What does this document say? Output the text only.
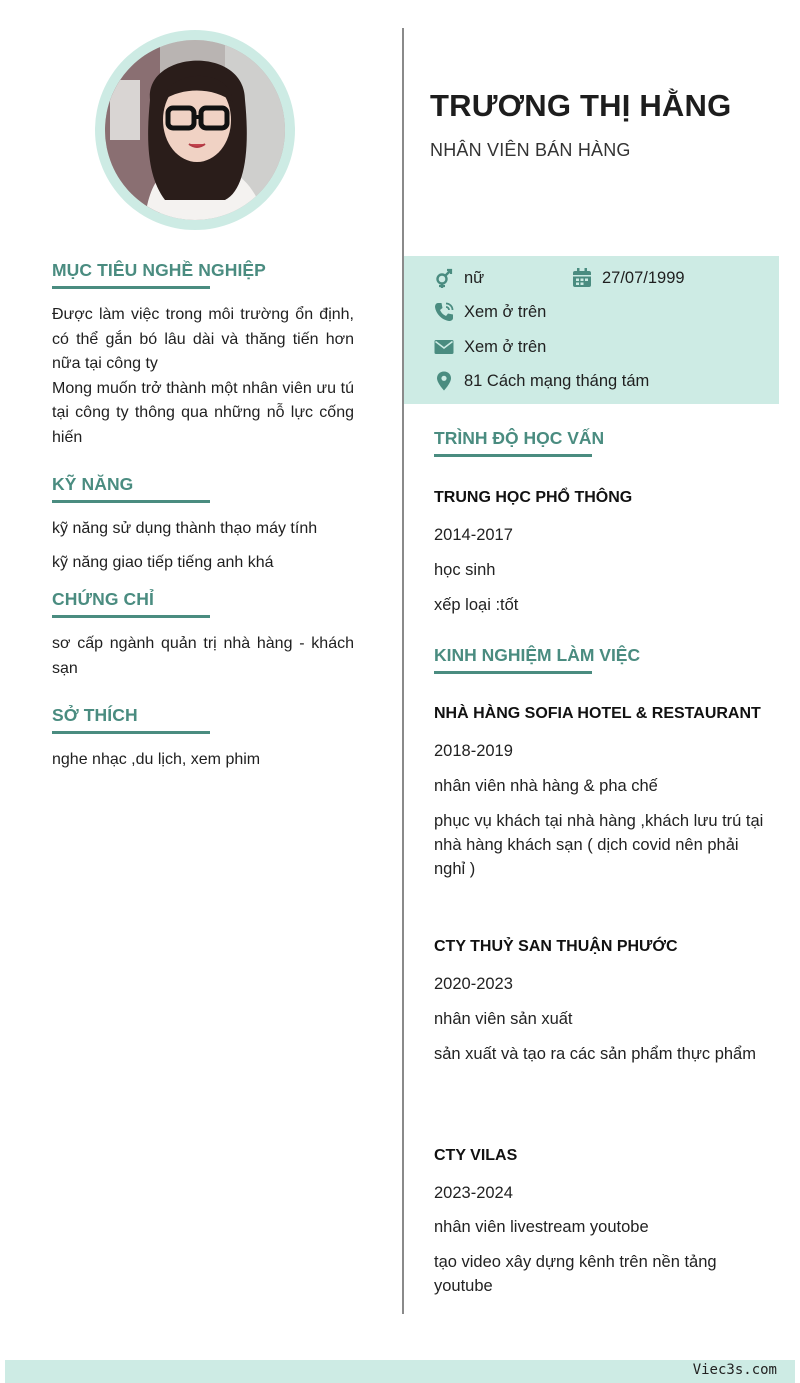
TRƯƠNG THỊ HẰNG
NHÂN VIÊN BÁN HÀNG
MỤC TIÊU NGHỀ NGHIỆP
Được làm việc trong môi trường ổn định, có thể gắn bó lâu dài và thăng tiến hơn nữa tại công ty
Mong muốn trở thành một nhân viên ưu tú tại công ty thông qua những nỗ lực cống hiến
KỸ NĂNG
kỹ năng sử dụng thành thạo máy tính
kỹ năng giao tiếp tiếng anh khá
CHỨNG CHỈ
sơ cấp ngành quản trị nhà hàng - khách sạn
SỞ THÍCH
nghe nhạc ,du lịch, xem phim
nữ	27/07/1999
Xem ở trên
Xem ở trên
81 Cách mạng tháng tám
TRÌNH ĐỘ HỌC VẤN
TRUNG HỌC PHỔ THÔNG
2014-2017
học sinh
xếp loại :tốt
KINH NGHIỆM LÀM VIỆC
NHÀ HÀNG SOFIA HOTEL & RESTAURANT
2018-2019
nhân viên nhà hàng & pha chế
phục vụ khách tại nhà hàng ,khách lưu trú tại nhà hàng khách sạn ( dịch covid nên phải nghỉ )
CTY THUỶ SAN THUẬN PHƯỚC
2020-2023
nhân viên sản xuất
sản xuất và tạo ra các sản phẩm thực phẩm
CTY VILAS
2023-2024
nhân viên livestream youtobe
tạo video xây dựng kênh trên nền tảng youtube
Viec3s.com
